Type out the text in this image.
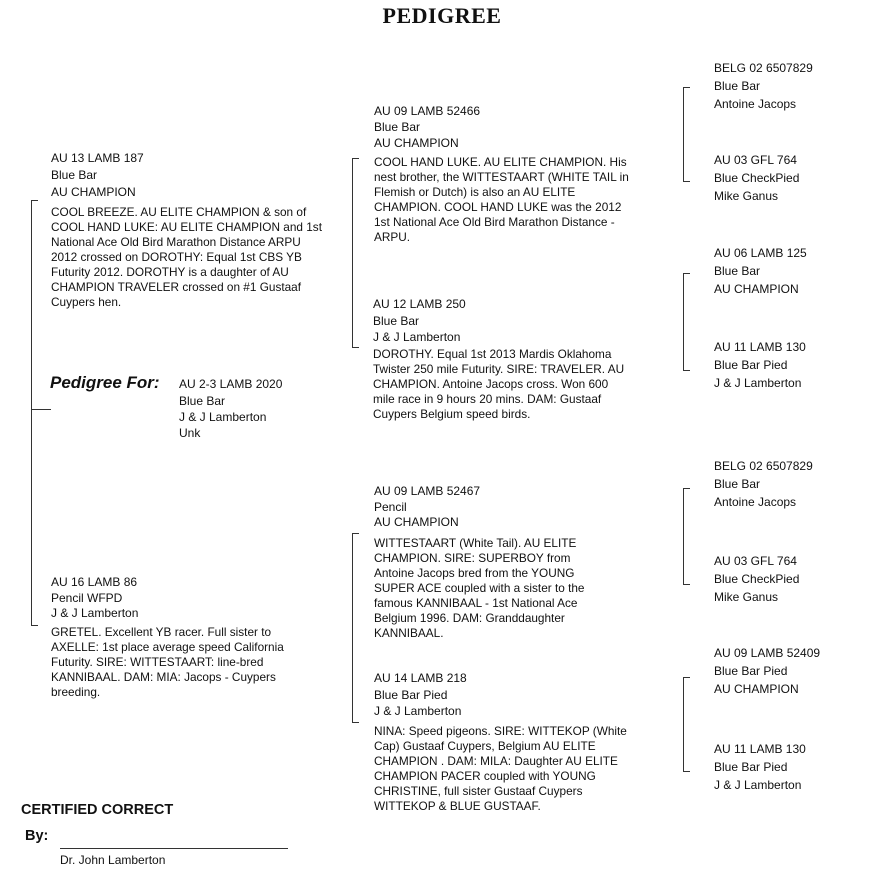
PEDIGREE
Pedigree For: AU 2-3 LAMB 2020
Blue Bar
J & J Lamberton
Unk
AU 13 LAMB 187
Blue Bar
AU CHAMPION
COOL BREEZE. AU ELITE CHAMPION & son of COOL HAND LUKE: AU ELITE CHAMPION and 1st National Ace Old Bird Marathon Distance ARPU 2012 crossed on DOROTHY: Equal 1st CBS YB Futurity 2012. DOROTHY is a daughter of AU CHAMPION TRAVELER crossed on #1 Gustaaf Cuypers hen.
AU 16 LAMB 86
Pencil WFPD
J & J Lamberton
GRETEL. Excellent YB racer. Full sister to AXELLE: 1st place average speed California Futurity. SIRE: WITTESTAART: line-bred KANNIBAAL. DAM: MIA: Jacops - Cuypers breeding.
AU 09 LAMB 52466
Blue Bar
AU CHAMPION
COOL HAND LUKE. AU ELITE CHAMPION. His nest brother, the WITTESTAART (WHITE TAIL in Flemish or Dutch) is also an AU ELITE CHAMPION. COOL HAND LUKE was the 2012 1st National Ace Old Bird Marathon Distance - ARPU.
AU 12 LAMB 250
Blue Bar
J & J Lamberton
DOROTHY. Equal 1st 2013 Mardis Oklahoma Twister 250 mile Futurity. SIRE: TRAVELER. AU CHAMPION. Antoine Jacops cross. Won 600 mile race in 9 hours 20 mins. DAM: Gustaaf Cuypers Belgium speed birds.
AU 09 LAMB 52467
Pencil
AU CHAMPION
WITTESTAART (White Tail). AU ELITE CHAMPION. SIRE: SUPERBOY from Antoine Jacops bred from the YOUNG SUPER ACE coupled with a sister to the famous KANNIBAAL - 1st National Ace Belgium 1996. DAM: Granddaughter KANNIBAAL.
AU 14 LAMB 218
Blue Bar Pied
J & J Lamberton
NINA: Speed pigeons. SIRE: WITTEKOP (White Cap) Gustaaf Cuypers, Belgium AU ELITE CHAMPION . DAM: MILA: Daughter AU ELITE CHAMPION PACER coupled with YOUNG CHRISTINE, full sister Gustaaf Cuypers WITTEKOP & BLUE GUSTAAF.
BELG 02 6507829
Blue Bar
Antoine Jacops
AU 03 GFL 764
Blue CheckPied
Mike Ganus
AU 06 LAMB 125
Blue Bar
AU CHAMPION
AU 11 LAMB 130
Blue Bar Pied
J & J Lamberton
BELG 02 6507829
Blue Bar
Antoine Jacops
AU 03 GFL 764
Blue CheckPied
Mike Ganus
AU 09 LAMB 52409
Blue Bar Pied
AU CHAMPION
AU 11 LAMB 130
Blue Bar Pied
J & J Lamberton
CERTIFIED CORRECT
By:
Dr. John Lamberton
